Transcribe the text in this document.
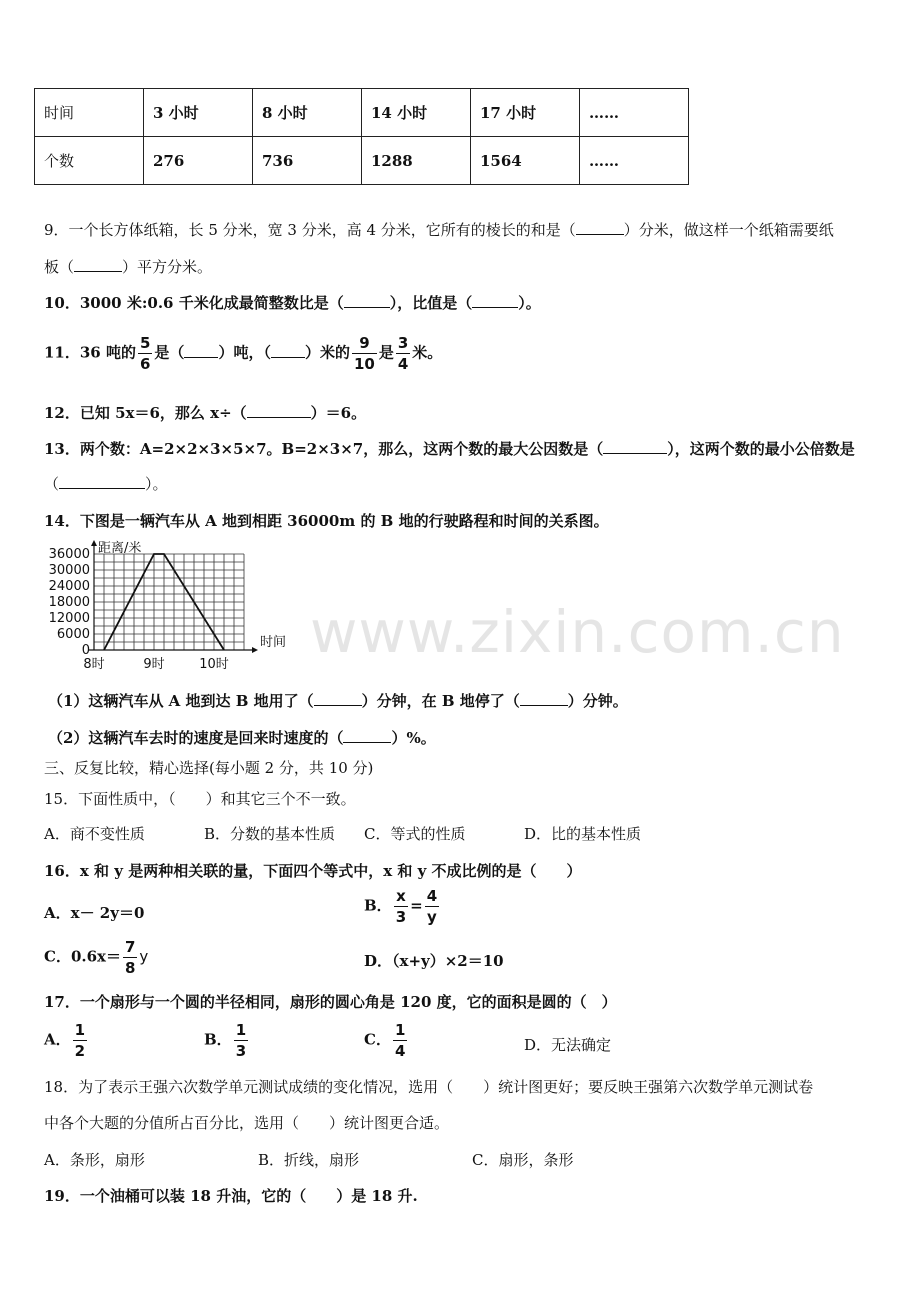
时间	3 小时	8 小时	14 小时	17 小时	……
个数	276	736	1288	1564	……
9．一个长方体纸箱，长 5 分米，宽 3 分米，高 4 分米，它所有的棱长的和是（	）分米，做这样一个纸箱需要纸
板（	）平方分米。
10．3000 米:0.6 千米化成最简整数比是（	），比值是（	）。
11．36 吨的 $\frac{5}{6}$ 是（ ）吨，（ ）米的 $\frac{9}{10}$ 是 $\frac{3}{4}$ 米。
12．已知 5x＝6，那么 x÷（	）＝6。
13．两个数：A=2×2×3×5×7。B=2×3×7，那么，这两个数的最大公因数是（	），这两个数的最小公倍数是
（	）。
14．下图是一辆汽车从 A 地到相距 36000m 的 B 地的行驶路程和时间的关系图。
36000
30000
24000
18000
12000
6000
0
8时	9时	10时
距离/米
时间
（1）这辆汽车从 A 地到达 B 地用了（	）分钟，在 B 地停了（	）分钟。
（2）这辆汽车去时的速度是回来时速度的（	）%。
三、反复比较，精心选择(每小题 2 分，共 10 分)
15．下面性质中，（　　）和其它三个不一致。
A．商不变性质	B．分数的基本性质 C．等式的性质	D．比的基本性质
16．x 和 y 是两种相关联的量，下面四个等式中，x 和 y 不成比例的是（　　）
A．x－ 2y＝0	B． $\frac{x}{3} = \frac{4}{y}$
C．$0.6x= \frac{7}{8}$ y	D．（x+y）×2＝10
17．一个扇形与一个圆的半径相同，扇形的圆心角是 120 度，它的面积是圆的（　）
A． $\frac{1}{2}$	B． $\frac{1}{3}$	C． $\frac{1}{4}$	D．无法确定
18．为了表示王强六次数学单元测试成绩的变化情况，选用（　　）统计图更好；要反映王强第六次数学单元测试卷
中各个大题的分值所占百分比，选用（　　）统计图更合适。
A．条形，扇形	B．折线，扇形	C．扇形，条形
19．一个油桶可以装 18 升油，它的（　　）是 18 升.
www.zixin.com.cn
